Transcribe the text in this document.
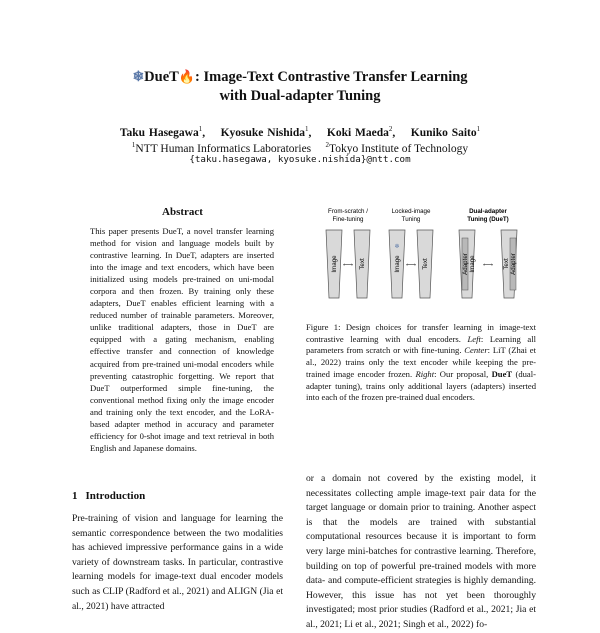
❄DueT🔥: Image-Text Contrastive Transfer Learning
with Dual-adapter Tuning
Taku Hasegawa$^1$,    Kyosuke Nishida$^1$,    Koki Maeda$^2$,    Kuniko Saito$^1$
$^1$NTT Human Informatics Laboratories $^2$Tokyo Institute of Technology
{taku.hasegawa, kyosuke.nishida}@ntt.com
Abstract
This paper presents DueT, a novel transfer learning method for vision and language models built by contrastive learning. In DueT, adapters are inserted into the image and text encoders, which have been initialized using models pre-trained on uni-modal corpora and then frozen. By training only these adapters, DueT enables efficient learning with a reduced number of trainable parameters. Moreover, unlike traditional adapters, those in DueT are equipped with a gating mechanism, enabling effective transfer and connection of knowledge acquired from pre-trained uni-modal encoders while preventing catastrophic forgetting. We report that DueT outperformed simple fine-tuning, the conventional method fixing only the image encoder and training only the text encoder, and the LoRA-based adapter method in accuracy and parameter efficiency for 0-shot image and text retrieval in both English and Japanese domains.
1 Introduction
Pre-training of vision and language for learning the semantic correspondence between the two modalities has achieved impressive performance gains in a wide variety of downstream tasks. In particular, contrastive learning models for image-text dual encoder models such as CLIP (Radford et al., 2021) and ALIGN (Jia et al., 2021) have attracted
From-scratch /
Fine-tuning
Locked-image
Tuning
Dual-adapter
Tuning (DueT)
Image	Text
⟷	Image	Text
❄
⟷	Adapter Image	Text Adapter
⟷
Figure 1: Design choices for transfer learning in image-text contrastive learning with dual encoders. Left: Learning all parameters from scratch or with fine-tuning. Center: LiT (Zhai et al., 2022) trains only the text encoder while keeping the pre-trained image encoder frozen. Right: Our proposal, DueT (dual-adapter tuning), trains only additional layers (adapters) inserted into each of the frozen pre-trained dual encoders.
or a domain not covered by the existing model, it necessitates collecting ample image-text pair data for the target language or domain prior to training. Another aspect is that the models are trained with substantial computational resources because it is important to form very large mini-batches for contrastive learning. Therefore, building on top of powerful pre-trained models with more data- and compute-efficient strategies is highly demanding. However, this issue has not yet been thoroughly investigated; most prior studies (Radford et al., 2021; Jia et al., 2021; Li et al., 2021; Singh et al., 2022) fo-
